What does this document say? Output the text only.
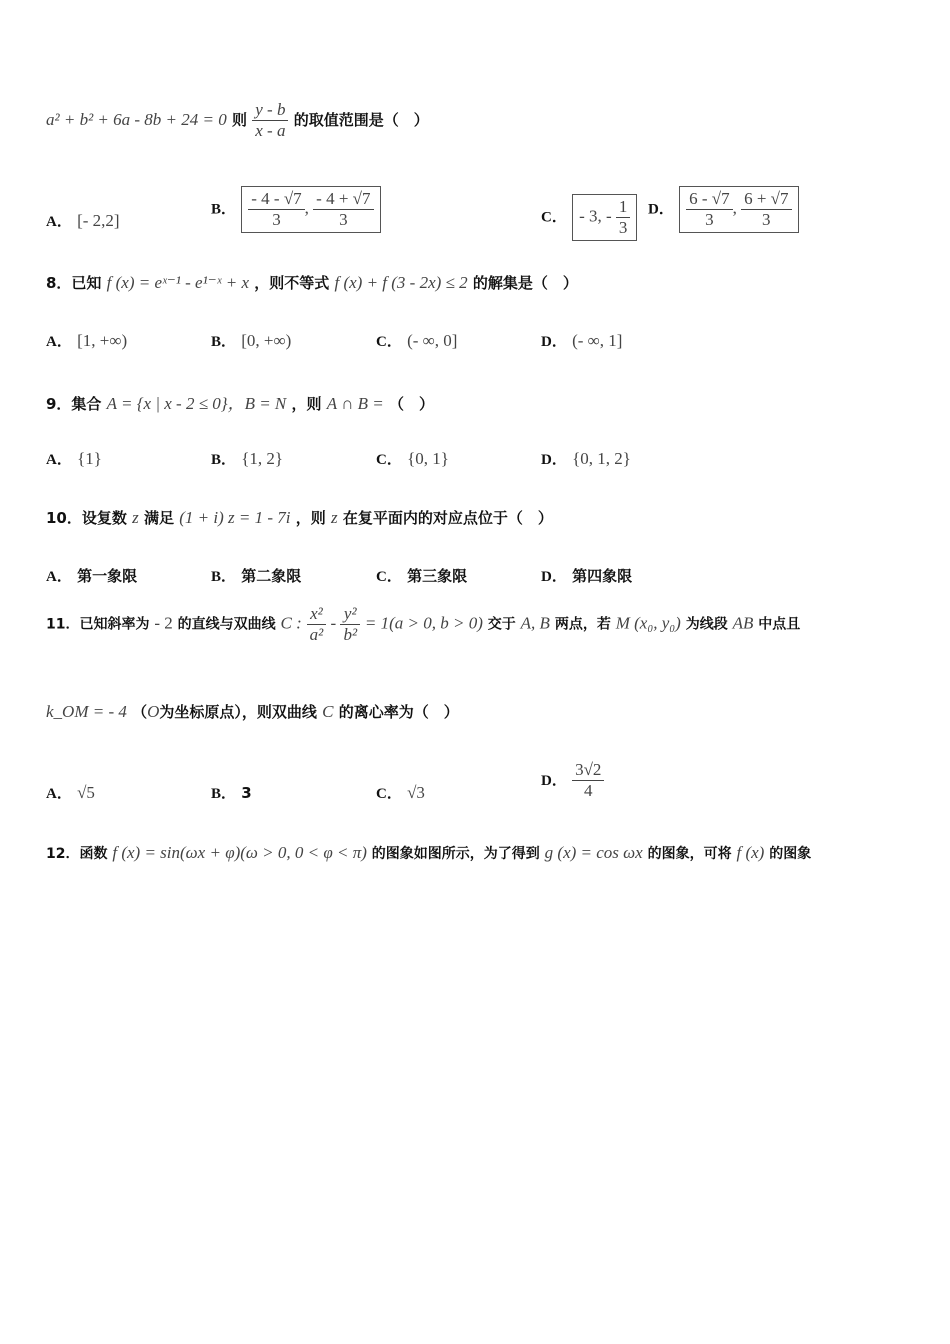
a² + b² + 6a - 8b + 24 = 0 则 $\frac{y - b}{x - a}$ 的取值范围是（　）
A． [- 2,2]
B． $\frac{- 4 - √7}{3}$ , $\frac{- 4 + √7}{3}$	C． - 3, - $\frac{1}{3}$ D． $\frac{6 - √7}{3}$ , $\frac{6 + √7}{3}$
8．已知 f (x) = eˣ⁻¹ - e¹⁻ˣ + x ，则不等式 f (x) + f (3 - 2x) ≤ 2 的解集是（　）
A． [1, +∞)	B． [0, +∞)	C． (- ∞, 0]	D． (- ∞, 1]
9．集合 A = {x | x - 2 ≤ 0}，B = N ，则 A ∩ B = （　）
A． {1}	B． {1, 2}	C． {0, 1}	D． {0, 1, 2}
10．设复数 z 满足 (1 + i) z = 1 - 7i ，则 z 在复平面内的对应点位于（　）
A． 第一象限	B． 第二象限	C． 第三象限	D． 第四象限
11．已知斜率为 - 2 的直线与双曲线 C : $\frac{\text{x²}}{\text{a²}} - \frac{\text{y²}}{\text{b²}} = 1(a > 0$, b > 0) 交于 A, B 两点，若 M (x₀, y₀) 为线段 AB 中点且
k_OM = - 4 （O为坐标原点），则双曲线 C 的离心率为（　）
A． √5	B． 3	C． √3
D． $\frac{3√2}{4}$
12．函数 f (x) = sin(ωx + φ)(ω > 0, 0 < φ < π) 的图象如图所示，为了得到 g (x) = cos ωx 的图象，可将 f (x) 的图象
